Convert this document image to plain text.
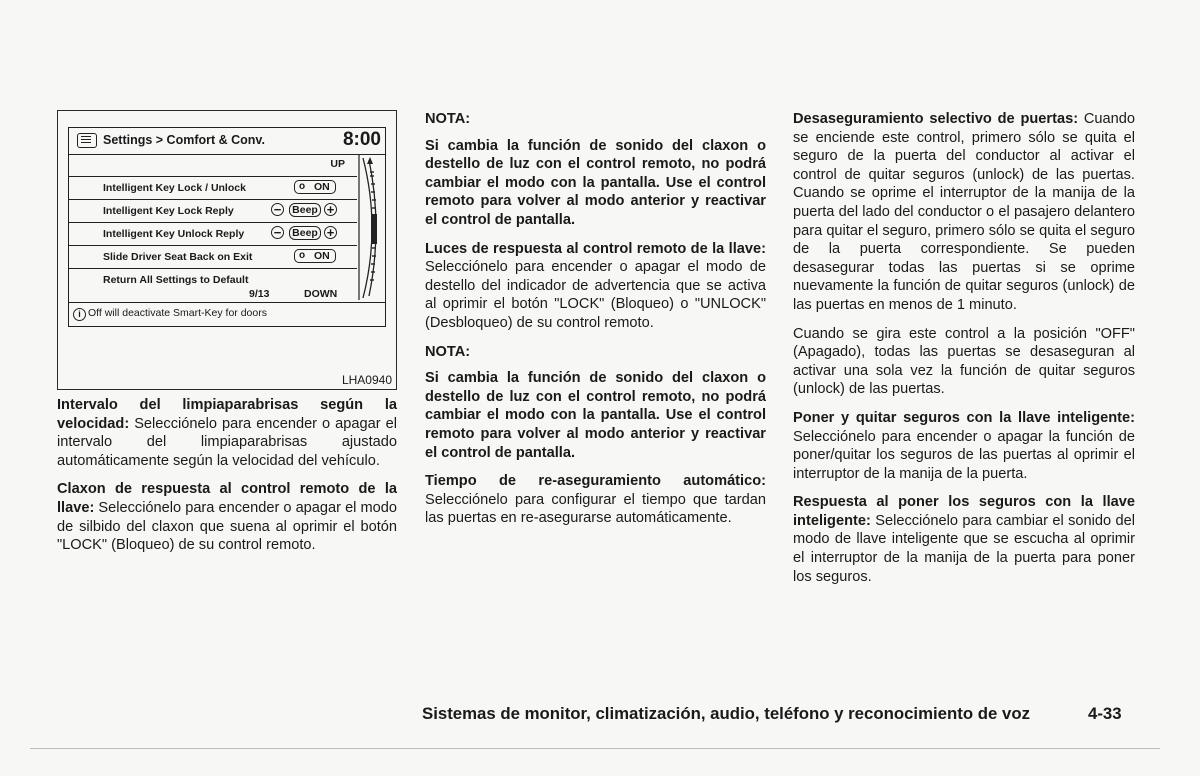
Settings > Comfort & Conv.	8:00
UP
Intelligent Key Lock / Unlock	o ON
Intelligent Key Lock Reply	−	Beep +
Intelligent Key Unlock Reply −	Beep +
Slide Driver Seat Back on Exit	o ON
Return All Settings to Default
i Off will deactivate Smart-Key for doors
9/13	DOWN
LHA0940

Intervalo del limpiaparabrisas según la velocidad: Selecciónelo para encender o apagar el intervalo del limpiaparabrisas ajustado automáticamente según la velocidad del vehículo.

Claxon de respuesta al control remoto de la llave: Selecciónelo para encender o apagar el modo de silbido del claxon que suena al oprimir el botón "LOCK" (Bloqueo) de su control remoto.

NOTA:

Si cambia la función de sonido del claxon o destello de luz con el control remoto, no podrá cambiar el modo con la pantalla. Use el control remoto para volver al modo anterior y reactivar el control de pantalla.

Luces de respuesta al control remoto de la llave: Selecciónelo para encender o apagar el modo de destello del indicador de advertencia que se activa al oprimir el botón "LOCK" (Bloqueo) o "UNLOCK" (Desbloqueo) de su control remoto.

NOTA:

Si cambia la función de sonido del claxon o destello de luz con el control remoto, no podrá cambiar el modo con la pantalla. Use el control remoto para volver al modo anterior y reactivar el control de pantalla.

Tiempo de re-aseguramiento automático: Selecciónelo para configurar el tiempo que tardan las puertas en re-asegurarse automáticamente.

Desaseguramiento selectivo de puertas: Cuando se enciende este control, primero sólo se quita el seguro de la puerta del conductor al activar el control de quitar seguros (unlock) de las puertas. Cuando se oprime el interruptor de la manija de la puerta del lado del conductor o el pasajero delantero para quitar el seguro, primero sólo se quita el seguro de la puerta correspondiente. Se pueden desasegurar todas las puertas si se oprime nuevamente la función de quitar seguros (unlock) de las puertas en menos de 1 minuto.

Cuando se gira este control a la posición "OFF" (Apagado), todas las puertas se desaseguran al activar una sola vez la función de quitar seguros (unlock) de las puertas.

Poner y quitar seguros con la llave inteligente: Selecciónelo para encender o apagar la función de poner/quitar los seguros de las puertas al oprimir el interruptor de la manija de la puerta.

Respuesta al poner los seguros con la llave inteligente: Selecciónelo para cambiar el sonido del modo de llave inteligente que se escucha al oprimir el interruptor de la manija de la puerta para poner los seguros.

Sistemas de monitor, climatización, audio, teléfono y reconocimiento de voz	4-33
